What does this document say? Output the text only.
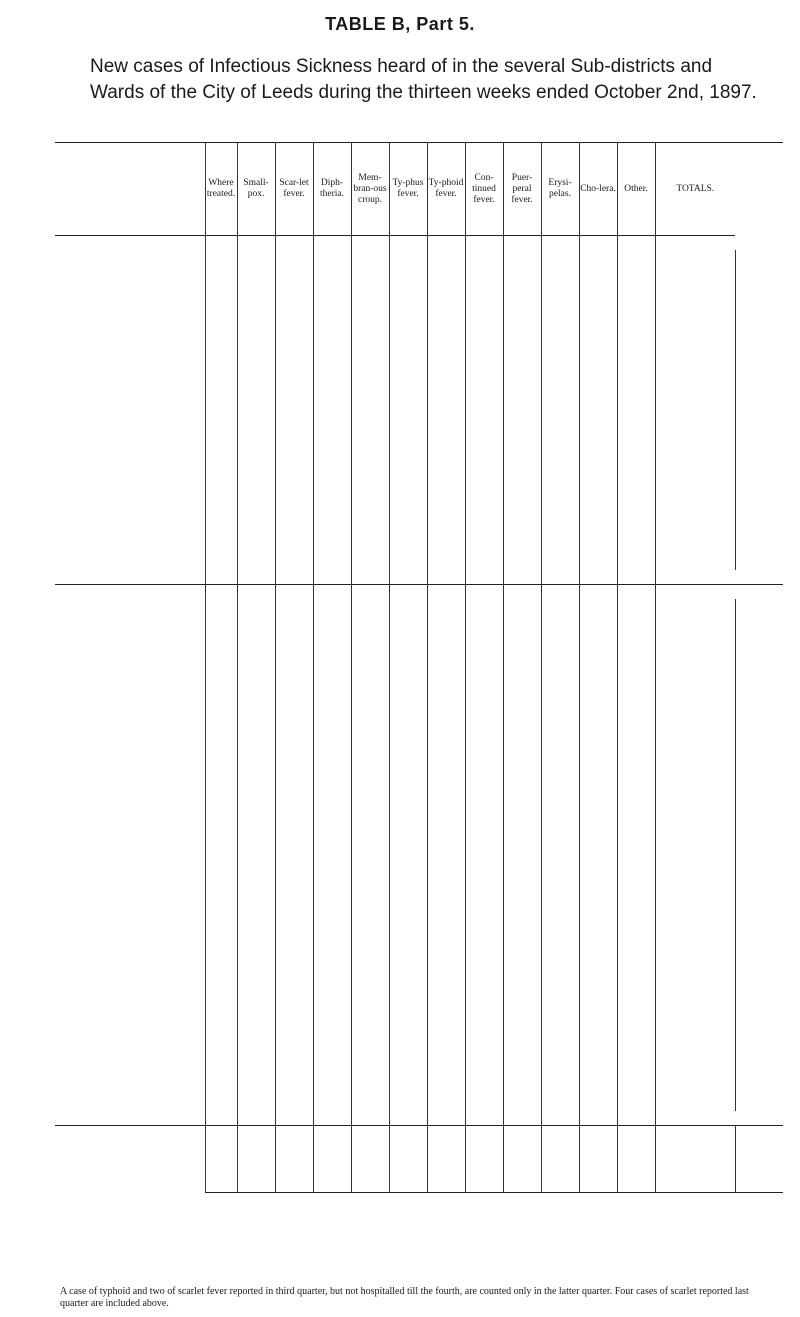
TABLE B, Part 5.
New cases of Infectious Sickness heard of in the several Sub-districts and Wards of the City of Leeds during the thirteen weeks ended October 2nd, 1897.
		Where treated.	Small-pox.	Scar-let fever.	Diph-theria.	Mem-bran-ous croup.	Ty-phus fever.	Ty-phoid fever.	Con-tinued fever.	Puer-peral fever.	Erysi-pelas.	Cho-lera.	Other.	TOTALS.	

A case of typhoid and two of scarlet fever reported in third quarter, but not hospitalled till the fourth, are counted only in the latter quarter. Four cases of scarlet reported last quarter are included above.
